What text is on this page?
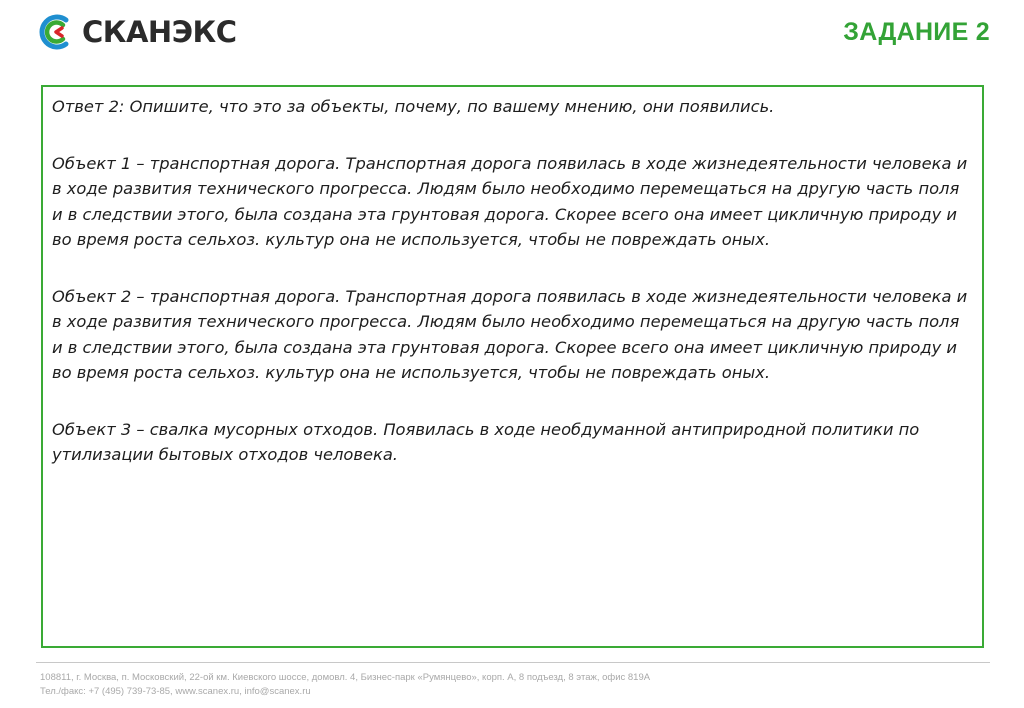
СКАНЭКС	ЗАДАНИЕ 2

Ответ 2: Опишите, что это за объекты, почему, по вашему мнению, они появились.

Объект 1 – транспортная дорога. Транспортная дорога появилась в ходе жизнедеятельности человека и в ходе развития технического прогресса. Людям было необходимо перемещаться на другую часть поля и в следствии этого, была создана эта грунтовая дорога. Скорее всего она имеет цикличную природу и во время роста сельхоз. культур она не используется, чтобы не повреждать оных.

Объект 2 – транспортная дорога. Транспортная дорога появилась в ходе жизнедеятельности человека и в ходе развития технического прогресса. Людям было необходимо перемещаться на другую часть поля и в следствии этого, была создана эта грунтовая дорога. Скорее всего она имеет цикличную природу и во время роста сельхоз. культур она не используется, чтобы не повреждать оных.

Объект 3 – свалка мусорных отходов. Появилась в ходе необдуманной антиприродной политики по утилизации бытовых отходов человека.

108811, г. Москва, п. Московский, 22-ой км. Киевского шоссе, домовл. 4, Бизнес-парк «Румянцево», корп. А, 8 подъезд, 8 этаж, офис 819А
Тел./факс: +7 (495) 739-73-85, www.scanex.ru, info@scanex.ru
